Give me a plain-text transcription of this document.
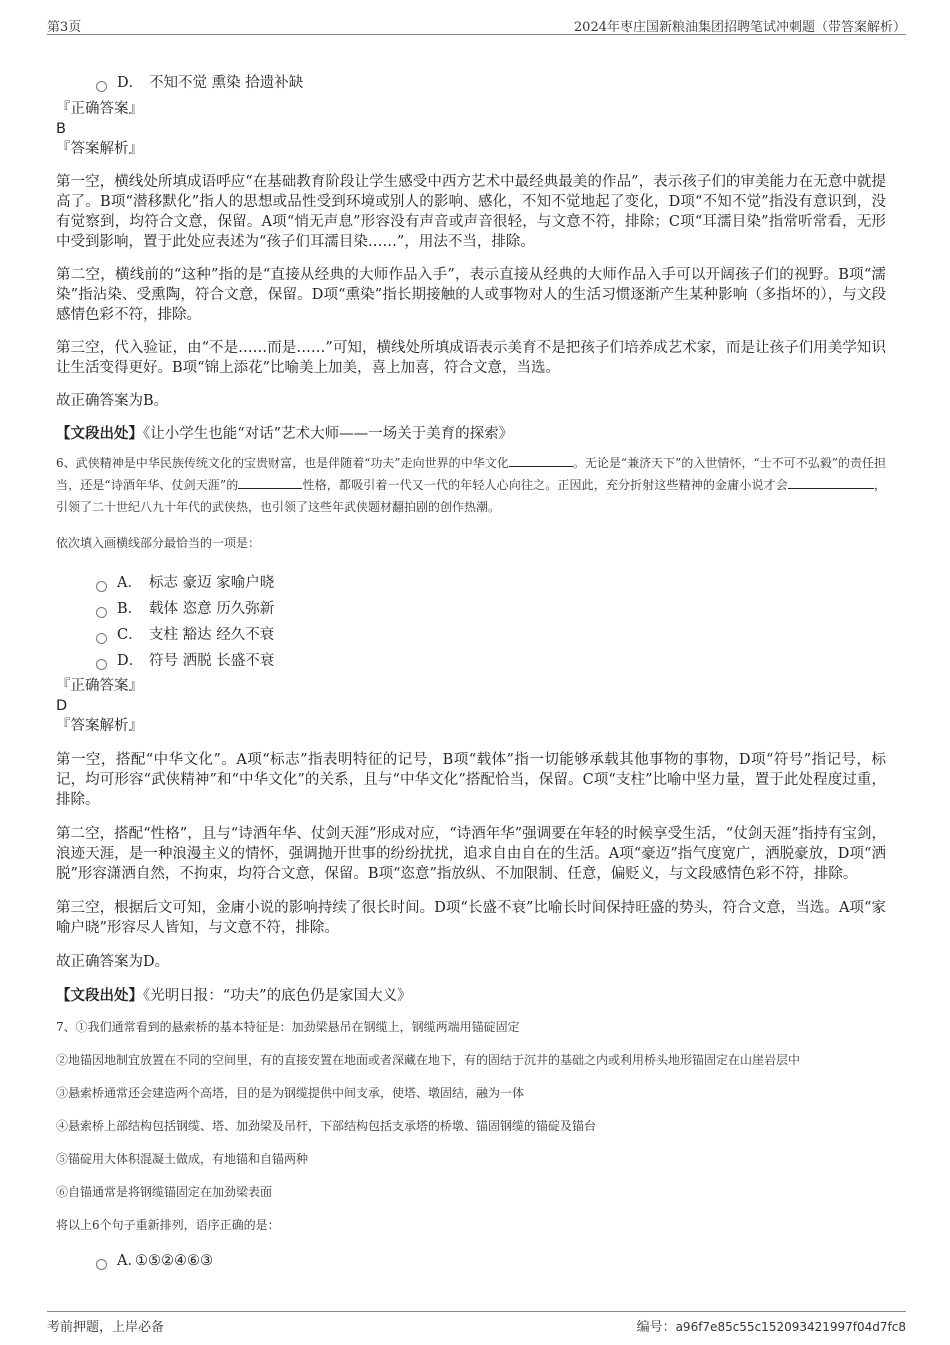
第3页	2024年枣庄国新粮油集团招聘笔试冲刺题（带答案解析）
D． 不知不觉 熏染 拾遗补缺
『正确答案』
B
『答案解析』

第一空，横线处所填成语呼应“在基础教育阶段让学生感受中西方艺术中最经典最美的作品”，表示孩子们的审美能力在无意中就提高了。B项“潜移默化”指人的思想或品性受到环境或别人的影响、感化，不知不觉地起了变化，D项“不知不觉”指没有意识到，没有觉察到，均符合文意，保留。A项“悄无声息”形容没有声音或声音很轻，与文意不符，排除；C项“耳濡目染”指常听常看，无形中受到影响，置于此处应表述为“孩子们耳濡目染……”，用法不当，排除。

第二空，横线前的“这种”指的是“直接从经典的大师作品入手”，表示直接从经典的大师作品入手可以开阔孩子们的视野。B项“濡染”指沾染、受熏陶，符合文意，保留。D项“熏染”指长期接触的人或事物对人的生活习惯逐渐产生某种影响（多指坏的），与文段感情色彩不符，排除。

第三空，代入验证，由“不是……而是……”可知，横线处所填成语表示美育不是把孩子们培养成艺术家，而是让孩子们用美学知识让生活变得更好。B项“锦上添花”比喻美上加美，喜上加喜，符合文意，当选。

故正确答案为B。

【文段出处】《让小学生也能“对话”艺术大师——一场关于美育的探索》

6、武侠精神是中华民族传统文化的宝贵财富，也是伴随着“功夫”走向世界的中华文化	。无论是“兼济天下”的入世情怀，“士不可不弘毅”的责任担当，还是“诗酒年华、仗剑天涯”的	性格，都吸引着一代又一代的年轻人心向往之。正因此，充分折射这些精神的金庸小说才会	，引领了二十世纪八九十年代的武侠热，也引领了这些年武侠题材翻拍剧的创作热潮。

依次填入画横线部分最恰当的一项是：

A． 标志 豪迈 家喻户晓
B． 载体 恣意 历久弥新
C． 支柱 豁达 经久不衰
D． 符号 洒脱 长盛不衰
『正确答案』
D
『答案解析』

第一空，搭配“中华文化”。A项“标志”指表明特征的记号，B项“载体”指一切能够承载其他事物的事物，D项“符号”指记号，标记，均可形容“武侠精神”和“中华文化”的关系，且与“中华文化”搭配恰当，保留。C项“支柱”比喻中坚力量，置于此处程度过重，排除。

第二空，搭配“性格”，且与“诗酒年华、仗剑天涯”形成对应，“诗酒年华”强调要在年轻的时候享受生活，“仗剑天涯”指持有宝剑，浪迹天涯，是一种浪漫主义的情怀，强调抛开世事的纷纷扰扰，追求自由自在的生活。A项“豪迈”指气度宽广，洒脱豪放，D项“洒脱”形容潇洒自然，不拘束，均符合文意，保留。B项“恣意”指放纵、不加限制、任意，偏贬义，与文段感情色彩不符，排除。

第三空，根据后文可知，金庸小说的影响持续了很长时间。D项“长盛不衰”比喻长时间保持旺盛的势头，符合文意，当选。A项“家喻户晓”形容尽人皆知，与文意不符，排除。

故正确答案为D。

【文段出处】《光明日报：“功夫”的底色仍是家国大义》

7、①我们通常看到的悬索桥的基本特征是：加劲梁悬吊在钢缆上，钢缆两端用锚碇固定

②地锚因地制宜放置在不同的空间里，有的直接安置在地面或者深藏在地下，有的固结于沉井的基础之内或利用桥头地形锚固定在山崖岩层中

③悬索桥通常还会建造两个高塔，目的是为钢缆提供中间支承，使塔、墩固结，融为一体

④悬索桥上部结构包括钢缆、塔、加劲梁及吊杆，下部结构包括支承塔的桥墩、锚固钢缆的锚碇及锚台

⑤锚碇用大体积混凝土做成，有地锚和自锚两种

⑥自锚通常是将钢缆锚固定在加劲梁表面

将以上6个句子重新排列，语序正确的是：

A．①⑤②④⑥③
考前押题，上岸必备	编号：a96f7e85c55c152093421997f04d7fc8
